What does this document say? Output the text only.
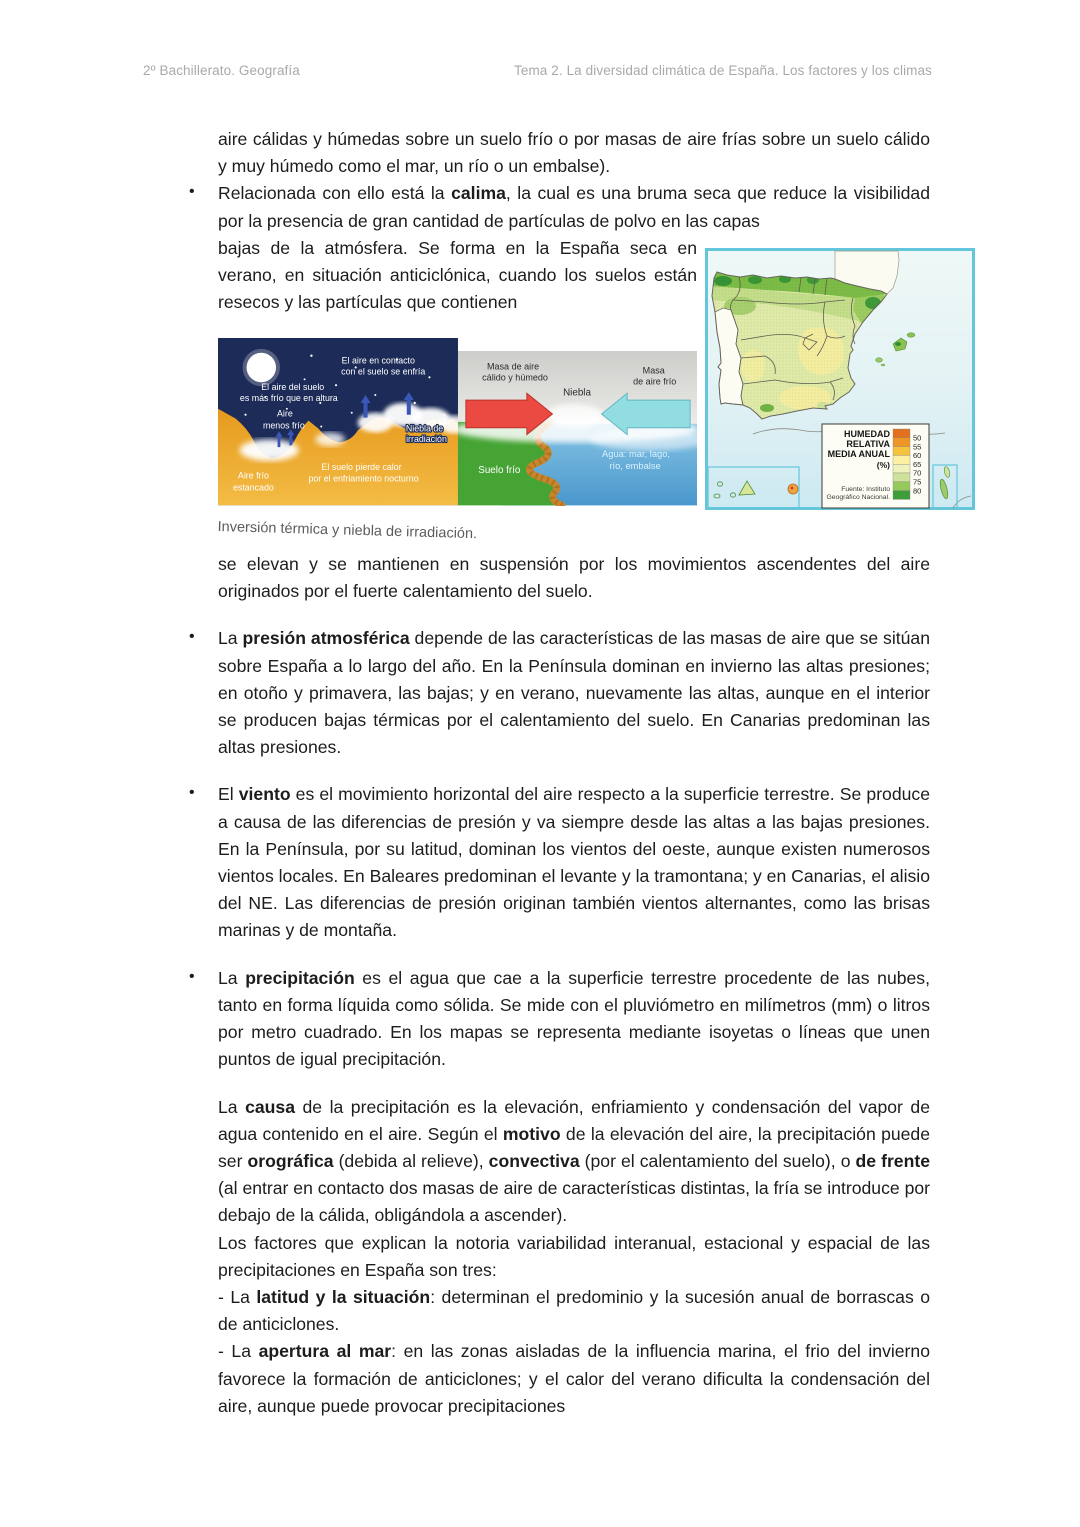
2º Bachillerato. Geografía	Tema 2. La diversidad climática de España. Los factores y los climas

aire cálidas y húmedas sobre un suelo frío o por masas de aire frías sobre un suelo cálido y muy húmedo como el mar, un río o un embalse).

• Relacionada con ello está la calima, la cual es una bruma seca que reduce la visibilidad por la presencia de gran cantidad de partículas de polvo en las capas

HUMEDAD
RELATIVA
MEDIA ANUAL
(%)
50
55
60
65
70
75
80
Fuente: Instituto
Geográfico Nacional.

bajas de la atmósfera. Se forma en la España seca en verano, en situación anticiclónica, cuando los suelos están resecos y las partículas que contienen

El aire en contacto
con el suelo se enfría
El aire del suelo
es más frío que en altura
Aire
menos frío	Niebla de
irradiación
El suelo pierde calor
por el enfriamiento nocturno
Aire frío
estancado
Masa de aire
cálido y húmedo
Niebla
Masa
de aire frío
Suelo frío
Agua: mar, lago,
río, embalse
Inversión térmica y niebla de irradiación.

se elevan y se mantienen en suspensión por los movimientos ascendentes del aire originados por el fuerte calentamiento del suelo.

• La presión atmosférica depende de las características de las masas de aire que se sitúan sobre España a lo largo del año. En la Península dominan en invierno las altas presiones; en otoño y primavera, las bajas; y en verano, nuevamente las altas, aunque en el interior se producen bajas térmicas por el calentamiento del suelo. En Canarias predominan las altas presiones.

• El viento es el movimiento horizontal del aire respecto a la superficie terrestre. Se produce a causa de las diferencias de presión y va siempre desde las altas a las bajas presiones. En la Península, por su latitud, dominan los vientos del oeste, aunque existen numerosos vientos locales. En Baleares predominan el levante y la tramontana; y en Canarias, el alisio del NE. Las diferencias de presión originan también vientos alternantes, como las brisas marinas y de montaña.

• La precipitación es el agua que cae a la superficie terrestre procedente de las nubes, tanto en forma líquida como sólida. Se mide con el pluviómetro en milímetros (mm) o litros por metro cuadrado. En los mapas se representa mediante isoyetas o líneas que unen puntos de igual precipitación.

La causa de la precipitación es la elevación, enfriamiento y condensación del vapor de agua contenido en el aire. Según el motivo de la elevación del aire, la precipitación puede ser orográfica (debida al relieve), convectiva (por el calentamiento del suelo), o de frente (al entrar en contacto dos masas de aire de características distintas, la fría se introduce por debajo de la cálida, obligándola a ascender).

Los factores que explican la notoria variabilidad interanual, estacional y espacial de las precipitaciones en España son tres:

- La latitud y la situación: determinan el predominio y la sucesión anual de borrascas o de anticiclones.

- La apertura al mar: en las zonas aisladas de la influencia marina, el frio del invierno favorece la formación de anticiclones; y el calor del verano dificulta la condensación del aire, aunque puede provocar precipitaciones
